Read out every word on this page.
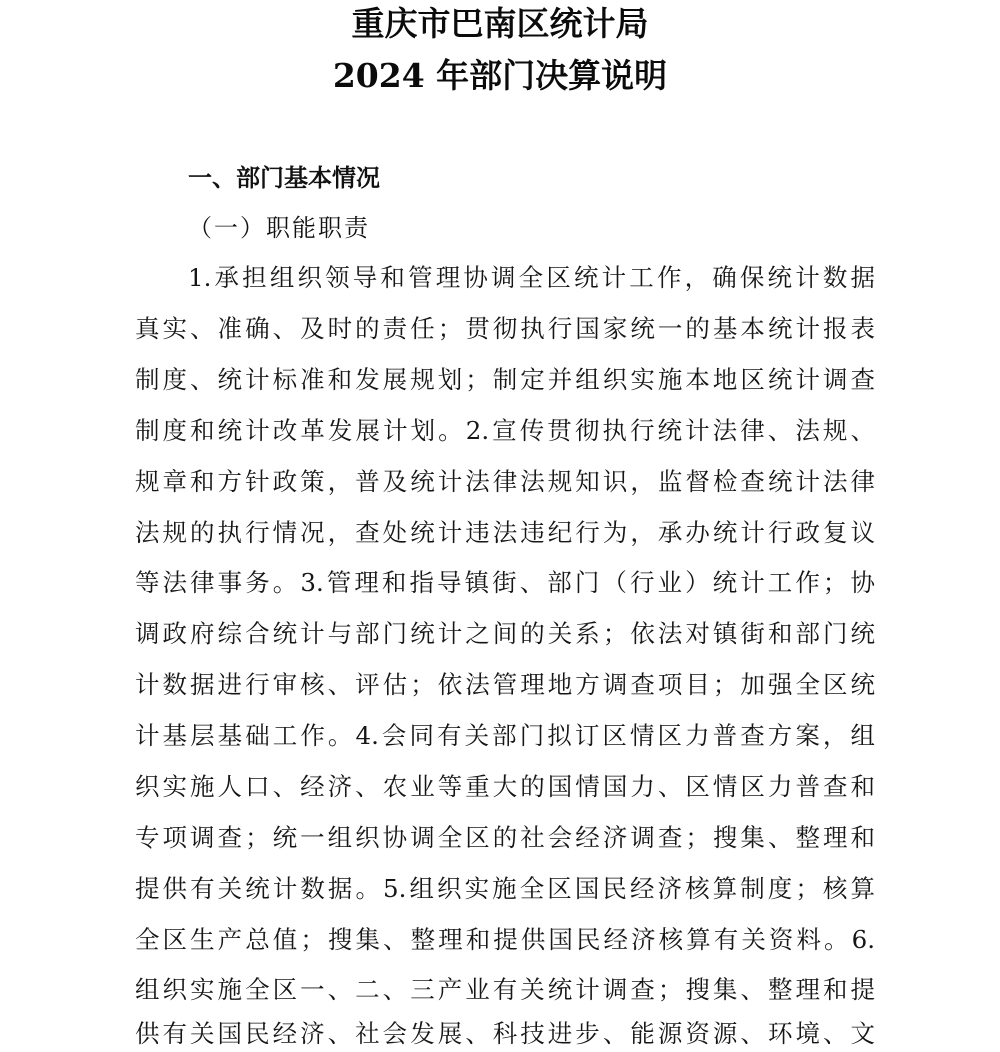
重庆市巴南区统计局
2024 年部门决算说明
一、部门基本情况
（一）职能职责
1.承担组织领导和管理协调全区统计工作，确保统计数据
真实、准确、及时的责任；贯彻执行国家统一的基本统计报表
制度、统计标准和发展规划；制定并组织实施本地区统计调查
制度和统计改革发展计划。2.宣传贯彻执行统计法律、法规、
规章和方针政策，普及统计法律法规知识，监督检查统计法律
法规的执行情况，查处统计违法违纪行为，承办统计行政复议
等法律事务。3.管理和指导镇街、部门（行业）统计工作；协
调政府综合统计与部门统计之间的关系；依法对镇街和部门统
计数据进行审核、评估；依法管理地方调查项目；加强全区统
计基层基础工作。4.会同有关部门拟订区情区力普查方案，组
织实施人口、经济、农业等重大的国情国力、区情区力普查和
专项调查；统一组织协调全区的社会经济调查；搜集、整理和
提供有关统计数据。5.组织实施全区国民经济核算制度；核算
全区生产总值；搜集、整理和提供国民经济核算有关资料。6.
组织实施全区一、二、三产业有关统计调查；搜集、整理和提
供有关国民经济、社会发展、科技进步、能源资源、环境、文
